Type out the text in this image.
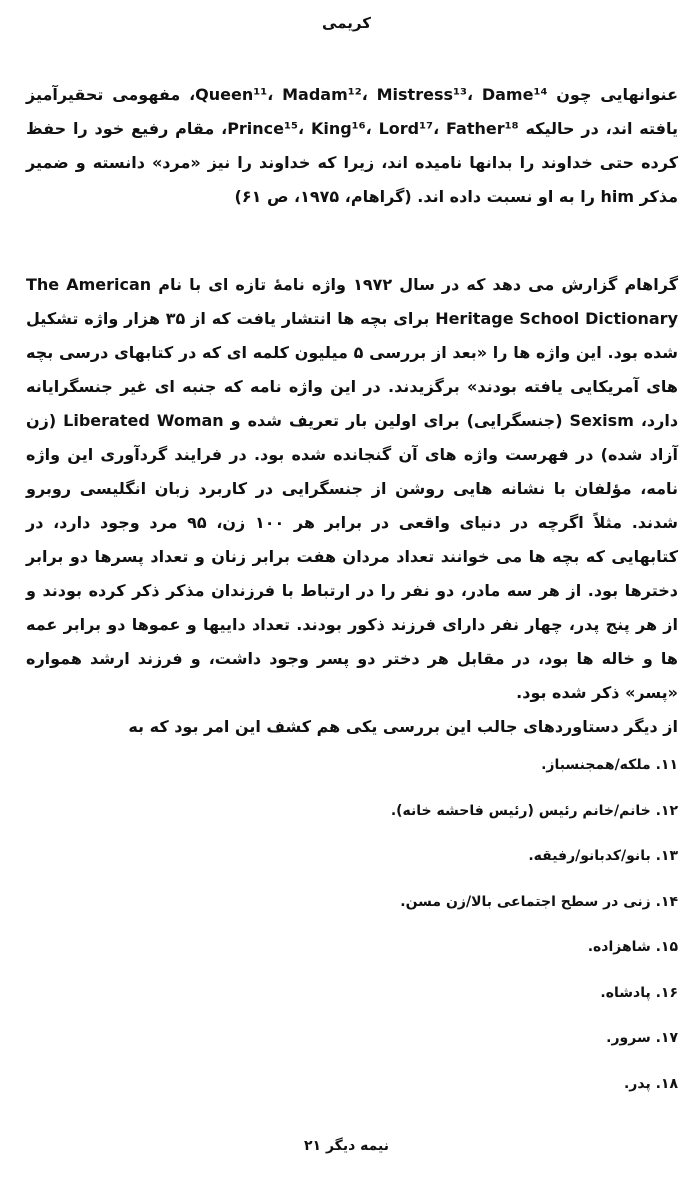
کریمی

عنوانهایی چون Queen¹¹، Madam¹²، Mistress¹³، Dame¹⁴، مفهومی تحقیرآمیز یافته اند، در حالیکه Prince¹⁵، King¹⁶، Lord¹⁷، Father¹⁸، مقام رفیع خود را حفظ کرده حتی خداوند را بدانها نامیده اند، زیرا که خداوند را نیز «مرد» دانسته و ضمیر مذکر him را به او نسبت داده اند. (گراهام، ۱۹۷۵، ص ۶۱)

گراهام گزارش می دهد که در سال ۱۹۷۲ واژه نامهٔ تازه ای با نام The American Heritage School Dictionary برای بچه ها انتشار یافت که از ۳۵ هزار واژه تشکیل شده بود. این واژه ها را «بعد از بررسی ۵ میلیون کلمه ای که در کتابهای درسی بچه های آمریکایی یافته بودند» برگزیدند. در این واژه نامه که جنبه ای غیر جنسگرایانه دارد، Sexism (جنسگرایی) برای اولین بار تعریف شده و Liberated Woman (زن آزاد شده) در فهرست واژه های آن گنجانده شده بود. در فرایند گردآوری این واژه نامه، مؤلفان با نشانه هایی روشن از جنسگرایی در کاربرد زبان انگلیسی روبرو شدند. مثلاً اگرچه در دنیای واقعی در برابر هر ۱۰۰ زن، ۹۵ مرد وجود دارد، در کتابهایی که بچه ها می خوانند تعداد مردان هفت برابر زنان و تعداد پسرها دو برابر دخترها بود. از هر سه مادر، دو نفر را در ارتباط با فرزندان مذکر ذکر کرده بودند و از هر پنج پدر، چهار نفر دارای فرزند ذکور بودند. تعداد داییها و عموها دو برابر عمه ها و خاله ها بود، در مقابل هر دختر دو پسر وجود داشت، و فرزند ارشد همواره «پسر» ذکر شده بود.
از دیگر دستاوردهای جالب این بررسی یکی هم کشف این امر بود که به

۱۱. ملکه/همجنسباز.
۱۲. خانم/خانم رئیس (رئیس فاحشه خانه).
۱۳. بانو/کدبانو/رفیقه.
۱۴. زنی در سطح اجتماعی بالا/زن مسن.
۱۵. شاهزاده.
۱۶. پادشاه.
۱۷. سرور.
۱۸. پدر.
نیمه دیگر ۲۱
